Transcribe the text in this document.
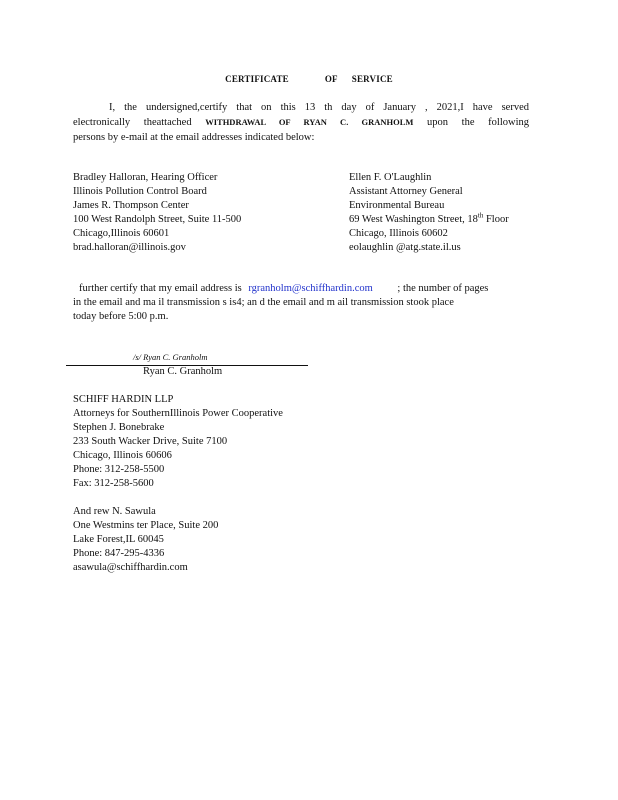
CERTIFICATE	OF SERVICE

I, the undersigned,certify that on this 13 th day of January , 2021,I have served

electronically theattached WITHDRAWAL OF RYAN C. GRANHOLM upon the following

persons by e-mail at the email addresses indicated below:

Bradley Halloran, Hearing Officer
Illinois Pollution Control Board
James R. Thompson Center
100 West Randolph Street, Suite 11-500
Chicago,Illinois 60601
brad.halloran@illinois.gov
Ellen F. O'Laughlin
Assistant Attorney General
Environmental Bureau
69 West Washington Street, 18th Floor
Chicago, Illinois 60602
eolaughlin @atg.state.il.us
further certify that my email address is rgranholm@schiffhardin.com ; the number of pages
in the email and ma il transmission s is4; an d the email and m ail transmission stook place
today before 5:00 p.m.
/s/ Ryan C. Granholm
Ryan C. Granholm
SCHIFF HARDIN LLP
Attorneys for SouthernIllinois Power Cooperative
Stephen J. Bonebrake
233 South Wacker Drive, Suite 7100
Chicago, Illinois 60606
Phone: 312-258-5500
Fax: 312-258-5600
And rew N. Sawula
One Westmins ter Place, Suite 200
Lake Forest,IL 60045
Phone: 847-295-4336
asawula@schiffhardin.com
